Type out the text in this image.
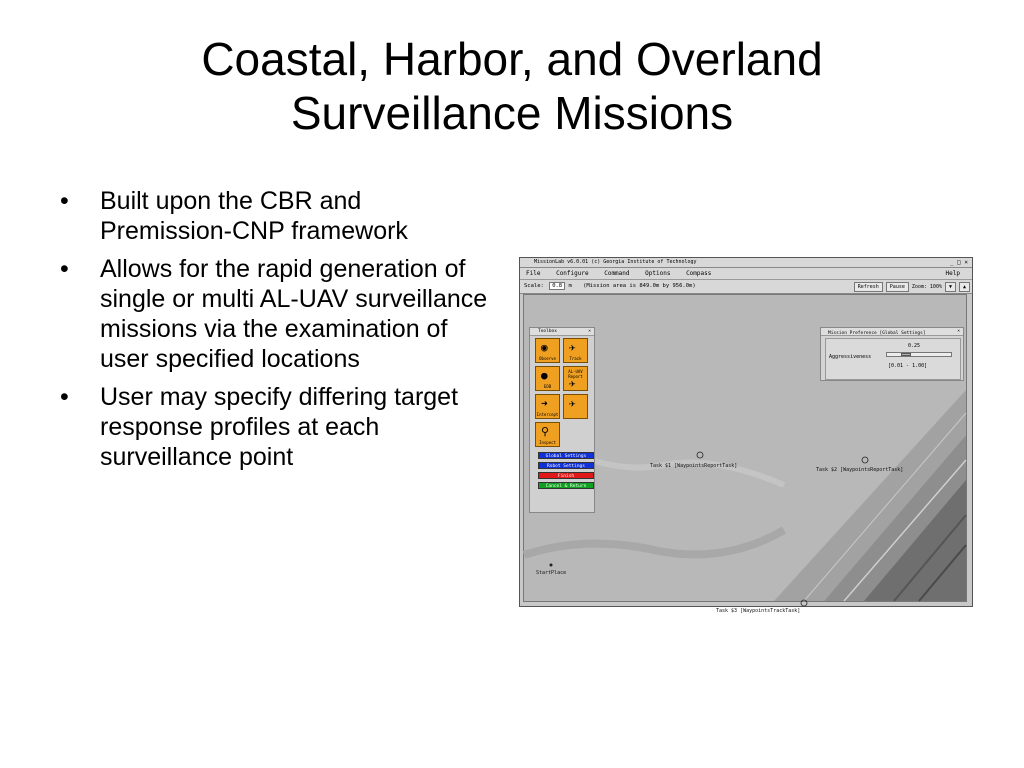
Coastal, Harbor, and Overland
Surveillance Missions
• Built upon the CBR and Premission-CNP framework
• Allows for the rapid generation of single or multi AL-UAV surveillance missions via the examination of user specified locations
• User may specify differing target response profiles at each surveillance point
MissionLab v6.0.01 (c) Georgia Institute of Technology	_ □ ×
File	Configure	Command	Options	Compass	Help
Scale: 0.8 m (Mission area is 849.0m by 956.0m)	Refresh	Pause	Zoom: 100%	▼	▲
Task $1 [WaypointsReportTask]
Task $2 [WaypointsReportTask]
Task $3 [WaypointsTrackTask]
StartPlace
Toolbox	×
◉
Observe
✈
Track
●
EOB
AL-UAV Report
✈
➜
Intercept
✈
⚲
Inspect
Global Settings
Robot Settings
Finish
Cancel & Return
×
Mission Preference [Global Settings]
0.25
Aggressiveness
[0.01 - 1.00]
